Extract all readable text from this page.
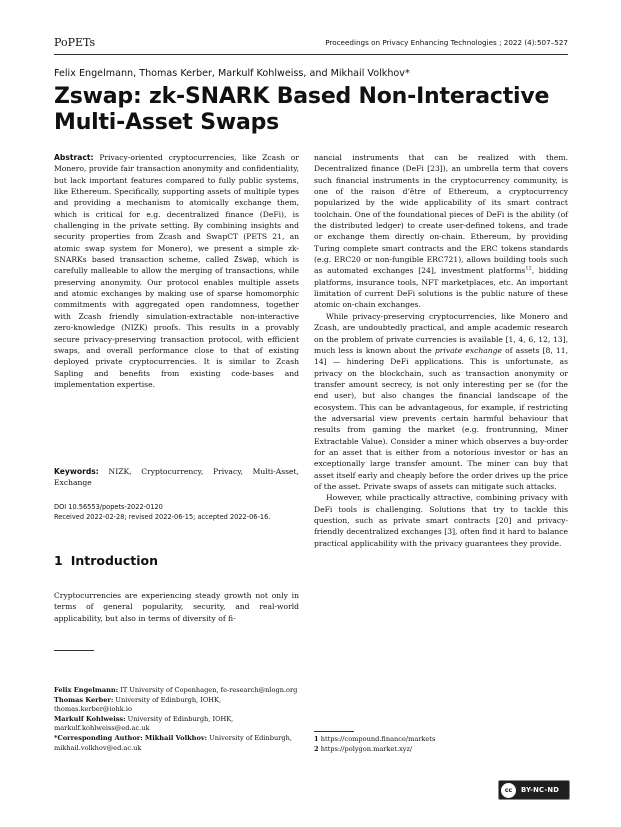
PoPETs	Proceedings on Privacy Enhancing Technologies ; 2022 (4):507–527
Felix Engelmann, Thomas Kerber, Markulf Kohlweiss, and Mikhail Volkhov*
Zswap: zk-SNARK Based Non-Interactive
Multi-Asset Swaps

Abstract: Privacy-oriented cryptocurrencies, like Zcash or Monero, provide fair transaction anonymity and confidentiality, but lack important features compared to fully public systems, like Ethereum. Specifically, supporting assets of multiple types and providing a mechanism to atomically exchange them, which is critical for e.g. decentralized finance (DeFi), is challenging in the private setting. By combining insights and security properties from Zcash and SwapCT (PETS 21, an atomic swap system for Monero), we present a simple zk-SNARKs based transaction scheme, called Zswap, which is carefully malleable to allow the merging of transactions, while preserving anonymity. Our protocol enables multiple assets and atomic exchanges by making use of sparse homomorphic commitments with aggregated open randomness, together with Zcash friendly simulation-extractable non-interactive zero-knowledge (NIZK) proofs. This results in a provably secure privacy-preserving transaction protocol, with efficient swaps, and overall performance close to that of existing deployed private cryptocurrencies. It is similar to Zcash Sapling and benefits from existing code-bases and implementation expertise.

Keywords: NIZK, Cryptocurrency, Privacy, Multi-Asset, Exchange

DOI 10.56553/popets-2022-0120
Received 2022-02-28; revised 2022-06-15; accepted 2022-06-16.
1 Introduction

Cryptocurrencies are experiencing steady growth not only in terms of general popularity, security, and real-world applicability, but also in terms of diversity of fi-

Felix Engelmann: IT University of Copenhagen, fe-research@nlogn.org

Thomas Kerber: University of Edinburgh, IOHK, thomas.kerber@iohk.io

Markulf Kohlweiss: University of Edinburgh, IOHK, markulf.kohlweiss@ed.ac.uk

*Corresponding Author: Mikhail Volkhov: University of Edinburgh, mikhail.volkhov@ed.ac.uk

nancial instruments that can be realized with them. Decentralized finance (DeFi [23]), an umbrella term that covers such financial instruments in the cryptocurrency community, is one of the raison d’être of Ethereum, a cryptocurrency popularized by the wide applicability of its smart contract toolchain. One of the foundational pieces of DeFi is the ability (of the distributed ledger) to create user-defined tokens, and trade or exchange them directly on-chain. Ethereum, by providing Turing complete smart contracts and the ERC tokens standards (e.g. ERC20 or non-fungible ERC721), allows building tools such as automated exchanges [24], investment platforms$^{12}$, bidding platforms, insurance tools, NFT marketplaces, etc. An important limitation of current DeFi solutions is the public nature of these atomic on-chain exchanges.

While privacy-preserving cryptocurrencies, like Monero and Zcash, are undoubtedly practical, and ample academic research on the problem of private currencies is available [1, 4, 6, 12, 13], much less is known about the private exchange of assets [8, 11, 14] — hindering DeFi applications. This is unfortunate, as privacy on the blockchain, such as transaction anonymity or transfer amount secrecy, is not only interesting per se (for the end user), but also changes the financial landscape of the ecosystem. This can be advantageous, for example, if restricting the adversarial view prevents certain harmful behaviour that results from gaming the market (e.g. frontrunning, Miner Extractable Value). Consider a miner which observes a buy-order for an asset that is either from a notorious investor or has an exceptionally large transfer amount. The miner can buy that asset itself early and cheaply before the order drives up the price of the asset. Private swaps of assets can mitigate such attacks.

However, while practically attractive, combining privacy with DeFi tools is challenging. Solutions that try to tackle this question, such as private smart contracts [20] and privacy-friendly decentralized exchanges [3], often find it hard to balance practical applicability with the privacy guarantees they provide.

1 https://compound.finance/markets

2 https://polygon.market.xyz/

cc	BY-NC-ND
